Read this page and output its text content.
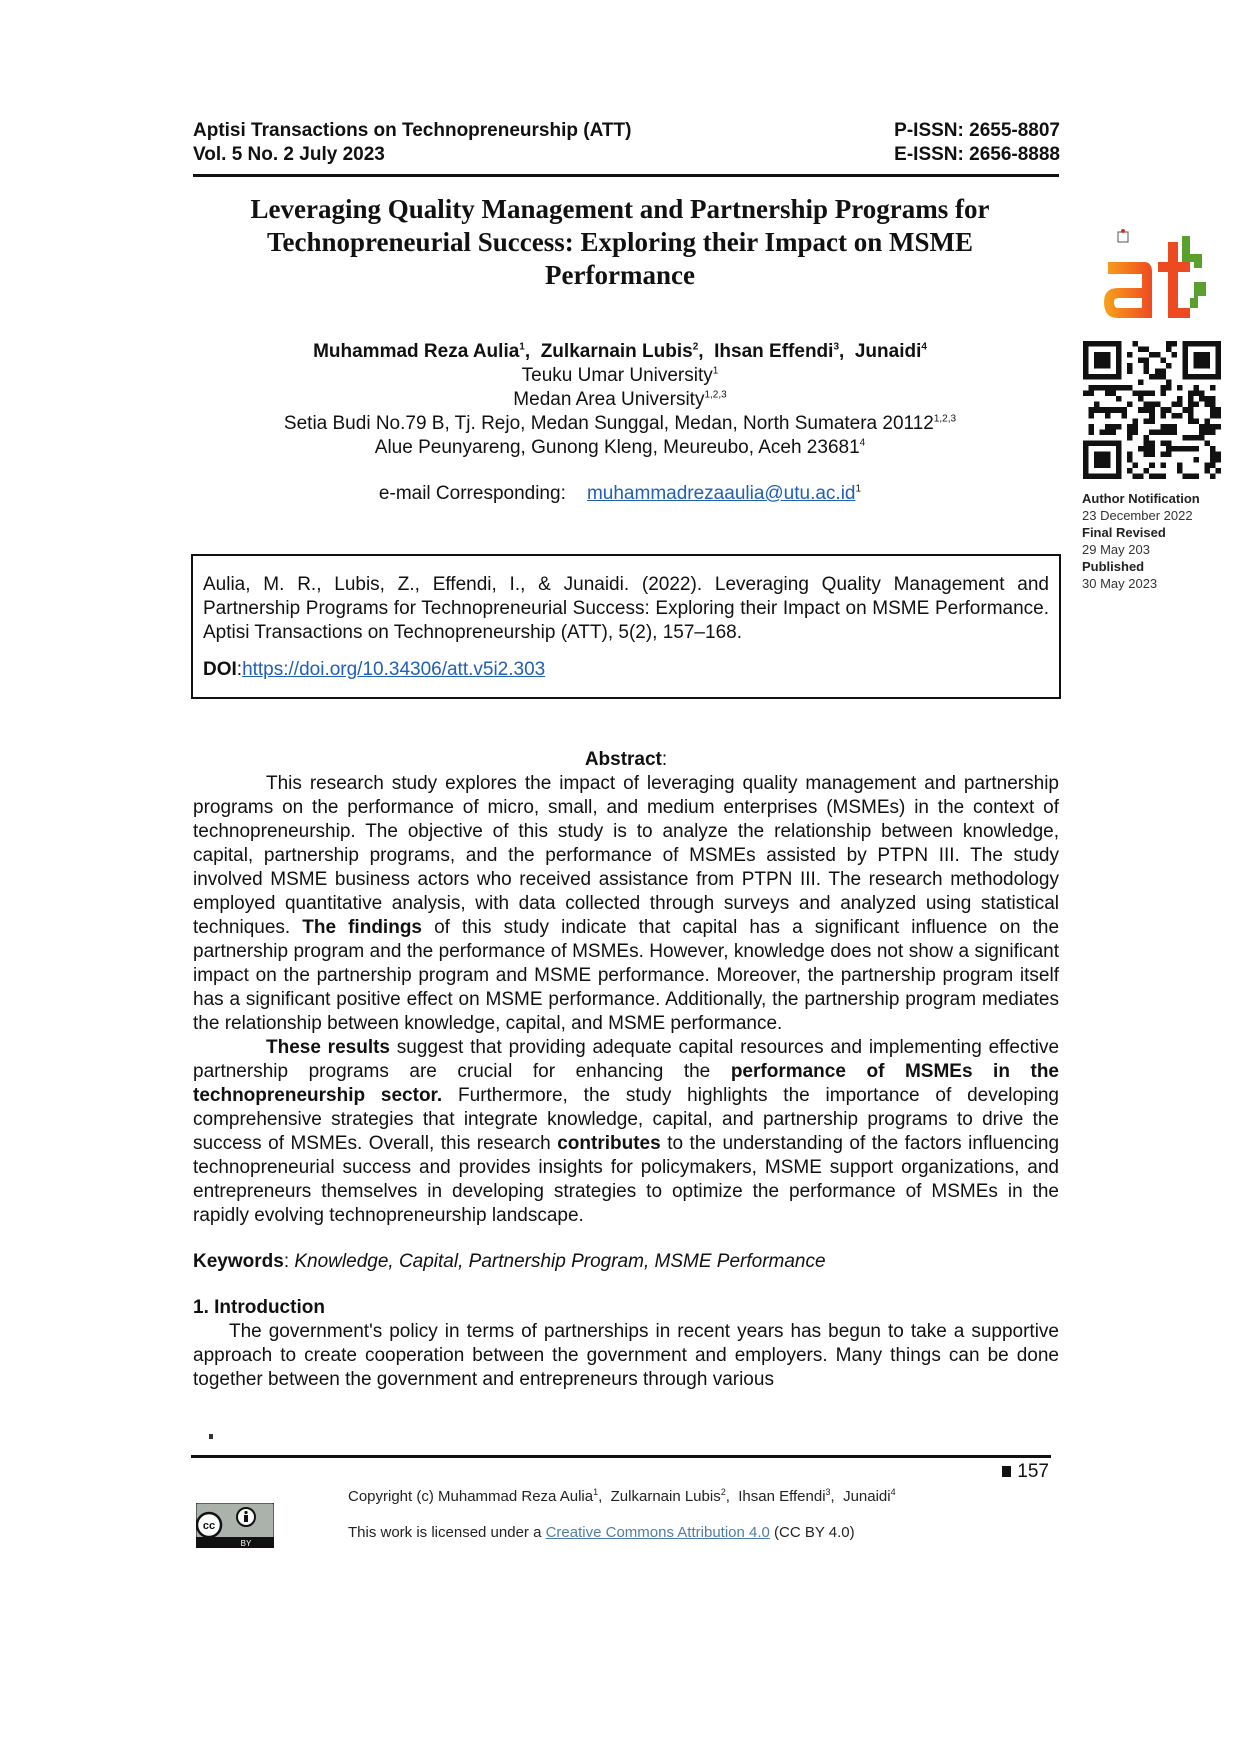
Aptisi Transactions on Technopreneurship (ATT)
Vol. 5 No. 2 July 2023
P-ISSN: 2655-8807
E-ISSN: 2656-8888
Leveraging Quality Management and Partnership Programs for
Technopreneurial Success: Exploring their Impact on MSME
Performance
Author Notification
23 December 2022
Final Revised
29 May 203
Published
30 May 2023
Muhammad Reza Aulia$^1$,  Zulkarnain Lubis$^2$,  Ihsan Effendi$^3$,  Junaidi$^4$
Teuku Umar University$^1$
Medan Area University$^{1,2,3}$
Setia Budi No.79 B, Tj. Rejo, Medan Sunggal, Medan, North Sumatera 20112$^{1,2,3}$
Alue Peunyareng, Gunong Kleng, Meureubo, Aceh 23681$^4$
e-mail Corresponding: $muhammadrezaaulia@utu.ac.id^1$
Aulia, M. R., Lubis, Z., Effendi, I., & Junaidi. (2022). Leveraging Quality Management and Partnership Programs for Technopreneurial Success: Exploring their Impact on MSME Performance. Aptisi Transactions on Technopreneurship (ATT), 5(2), 157–168.
DOI:https://doi.org/10.34306/att.v5i2.303
Abstract:

This research study explores the impact of leveraging quality management and partnership programs on the performance of micro, small, and medium enterprises (MSMEs) in the context of technopreneurship. The objective of this study is to analyze the relationship between knowledge, capital, partnership programs, and the performance of MSMEs assisted by PTPN III. The study involved MSME business actors who received assistance from PTPN III. The research methodology employed quantitative analysis, with data collected through surveys and analyzed using statistical techniques. The findings of this study indicate that capital has a significant influence on the partnership program and the performance of MSMEs. However, knowledge does not show a significant impact on the partnership program and MSME performance. Moreover, the partnership program itself has a significant positive effect on MSME performance. Additionally, the partnership program mediates the relationship between knowledge, capital, and MSME performance.

These results suggest that providing adequate capital resources and implementing effective partnership programs are crucial for enhancing the performance of MSMEs in the technopreneurship sector. Furthermore, the study highlights the importance of developing comprehensive strategies that integrate knowledge, capital, and partnership programs to drive the success of MSMEs. Overall, this research contributes to the understanding of the factors influencing technopreneurial success and provides insights for policymakers, MSME support organizations, and entrepreneurs themselves in developing strategies to optimize the performance of MSMEs in the rapidly evolving technopreneurship landscape.

Keywords: Knowledge, Capital, Partnership Program, MSME Performance
1. Introduction

The government's policy in terms of partnerships in recent years has begun to take a supportive approach to create cooperation between the government and employers. Many things can be done together between the government and entrepreneurs through various

157
cc
BY
Copyright (c) Muhammad Reza Aulia$^1$,  Zulkarnain Lubis$^2$,  Ihsan Effendi$^3$,  Junaidi$^4$
This work is licensed under a Creative Commons Attribution 4.0 (CC BY 4.0)
